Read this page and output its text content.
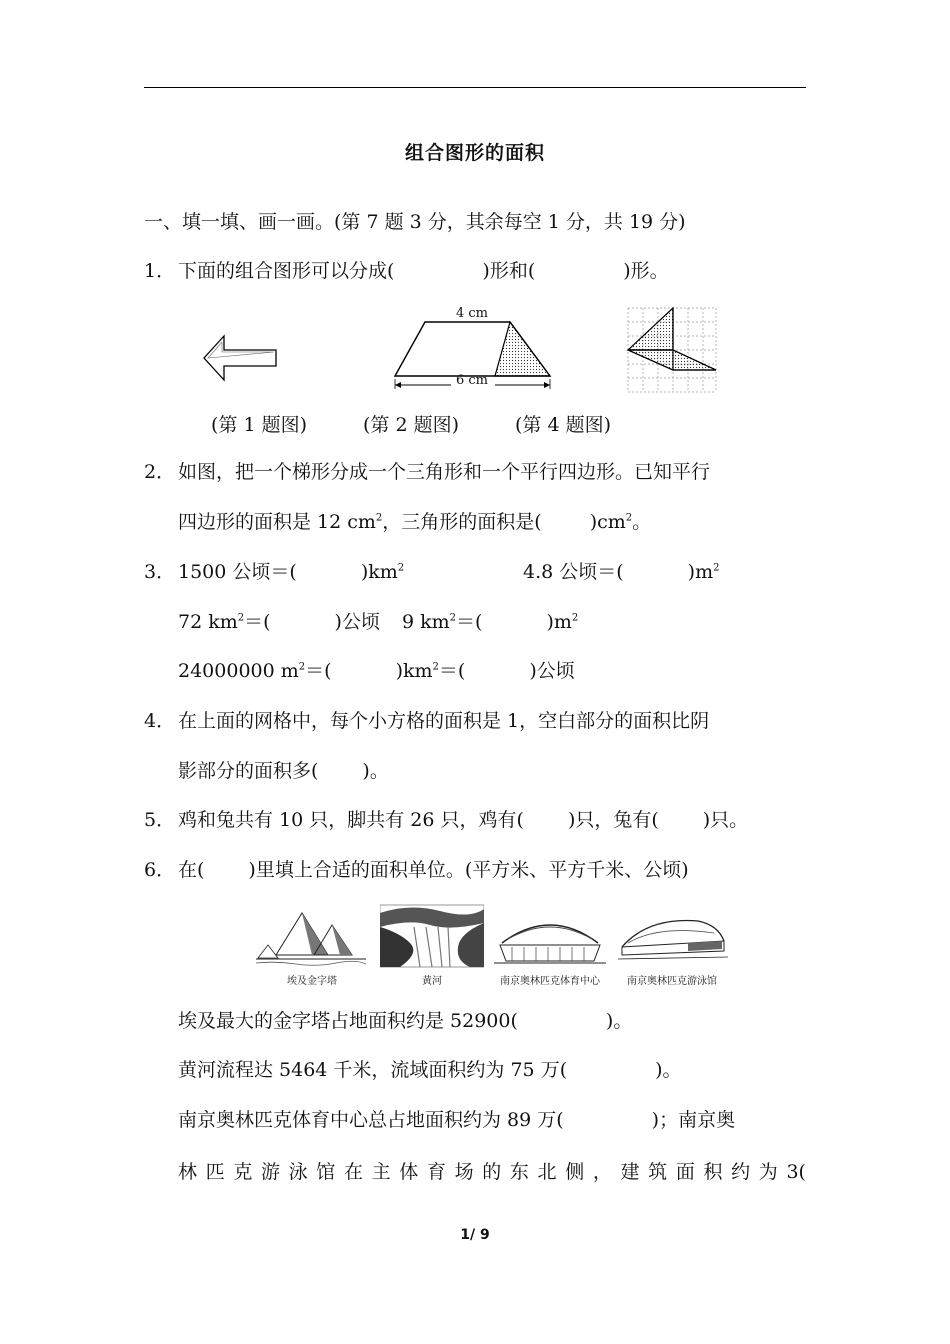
组合图形的面积
一、填一填、画一画。(第 7 题 3 分，其余每空 1 分，共 19 分)
1． 下面的组合图形可以分成(	)形和(	)形。
4 cm
6 cm
(第 1 题图)	(第 2 题图)	(第 4 题图)
2． 如图，把一个梯形分成一个三角形和一个平行四边形。已知平行
四边形的面积是 12 $cm^2$，三角形的面积是(	)$cm^2$。
3． 1500 公顷＝(	)$km^2$	4.8 公顷＝(	)$m^2$
72 $km^2=$(	)公顷 9 $km^2=$(	)$m^2$
24000000 $m^2=$(	)$km^2=$(	)公顷
4． 在上面的网格中，每个小方格的面积是 1，空白部分的面积比阴
影部分的面积多( )。
5． 鸡和兔共有 10 只，脚共有 26 只，鸡有( )只，兔有( )只。
6． 在( )里填上合适的面积单位。(平方米、平方千米、公顷)
埃及金字塔	黄河	南京奥林匹克体育中心	南京奥林匹克游泳馆
埃及最大的金字塔占地面积约是 52900(	)。
黄河流程达 5464 千米，流域面积约为 75 万(	)。
南京奥林匹克体育中心总占地面积约为 89 万(	)；南京奥
林 匹 克 游 泳 馆 在 主 体 育 场 的 东 北 侧 ， 建 筑 面 积 约 为 3(
1/ 9
